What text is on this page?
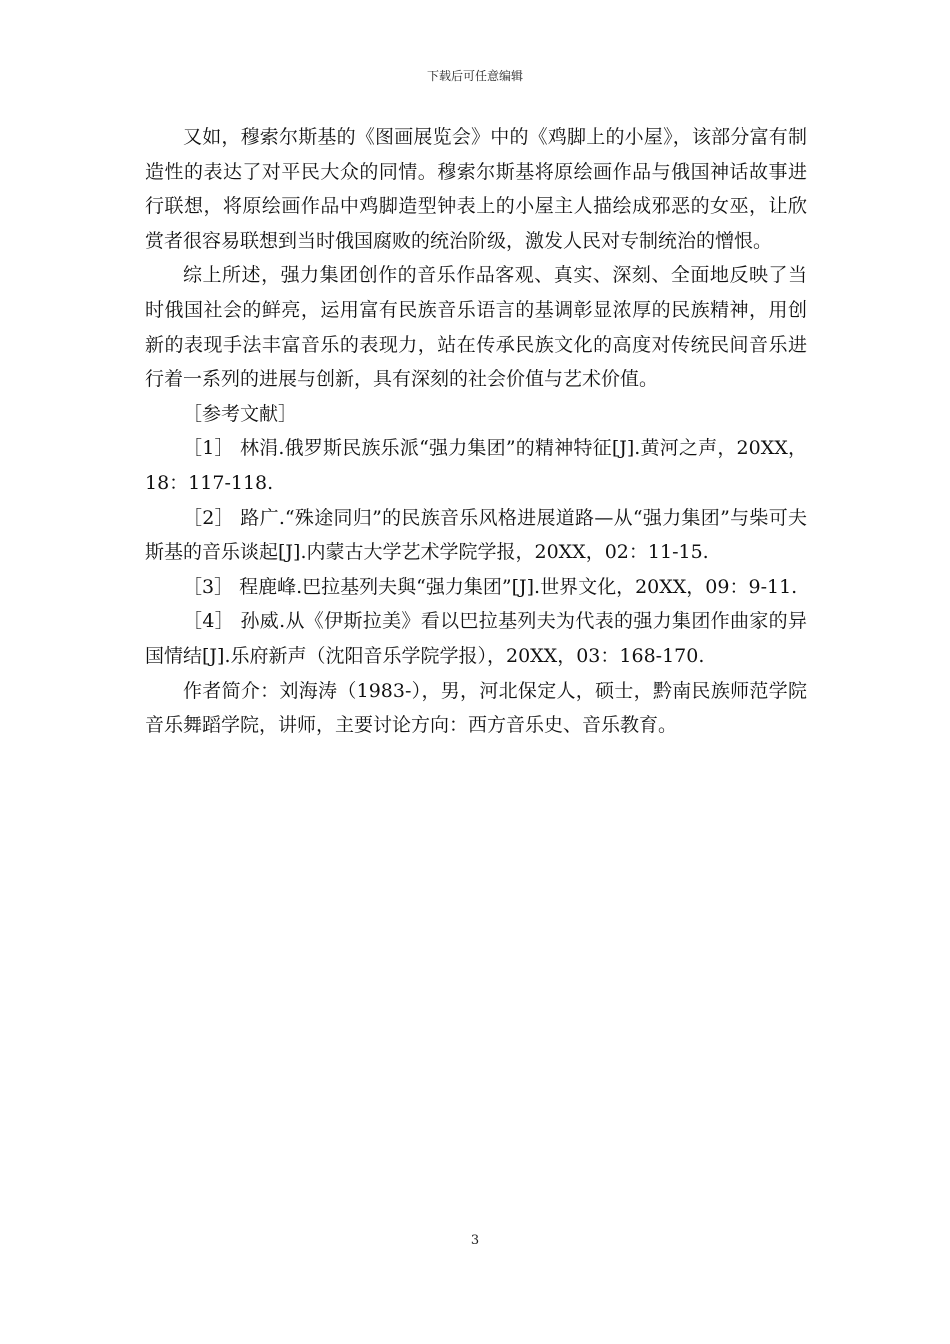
下载后可任意编辑

又如，穆索尔斯基的《图画展览会》中的《鸡脚上的小屋》，该部分富有制造性的表达了对平民大众的同情。穆索尔斯基将原绘画作品与俄国神话故事进行联想，将原绘画作品中鸡脚造型钟表上的小屋主人描绘成邪恶的女巫，让欣赏者很容易联想到当时俄国腐败的统治阶级，激发人民对专制统治的憎恨。

综上所述，强力集团创作的音乐作品客观、真实、深刻、全面地反映了当时俄国社会的鲜亮，运用富有民族音乐语言的基调彰显浓厚的民族精神，用创新的表现手法丰富音乐的表现力，站在传承民族文化的高度对传统民间音乐进行着一系列的进展与创新，具有深刻的社会价值与艺术价值。

［参考文献］

［1］ 林涓.俄罗斯民族乐派“强力集团”的精神特征[J].黄河之声，20XX，18：117-118.

［2］ 路广.“殊途同归”的民族音乐风格进展道路—从“强力集团”与柴可夫斯基的音乐谈起[J].内蒙古大学艺术学院学报，20XX，02：11-15.

［3］ 程鹿峰.巴拉基列夫與“强力集团”[J].世界文化，20XX，09：9-11.

［4］ 孙威.从《伊斯拉美》看以巴拉基列夫为代表的强力集团作曲家的异国情结[J].乐府新声（沈阳音乐学院学报），20XX，03：168-170.

作者简介：刘海涛（1983-），男，河北保定人，硕士，黔南民族师范学院音乐舞蹈学院，讲师，主要讨论方向：西方音乐史、音乐教育。

3
